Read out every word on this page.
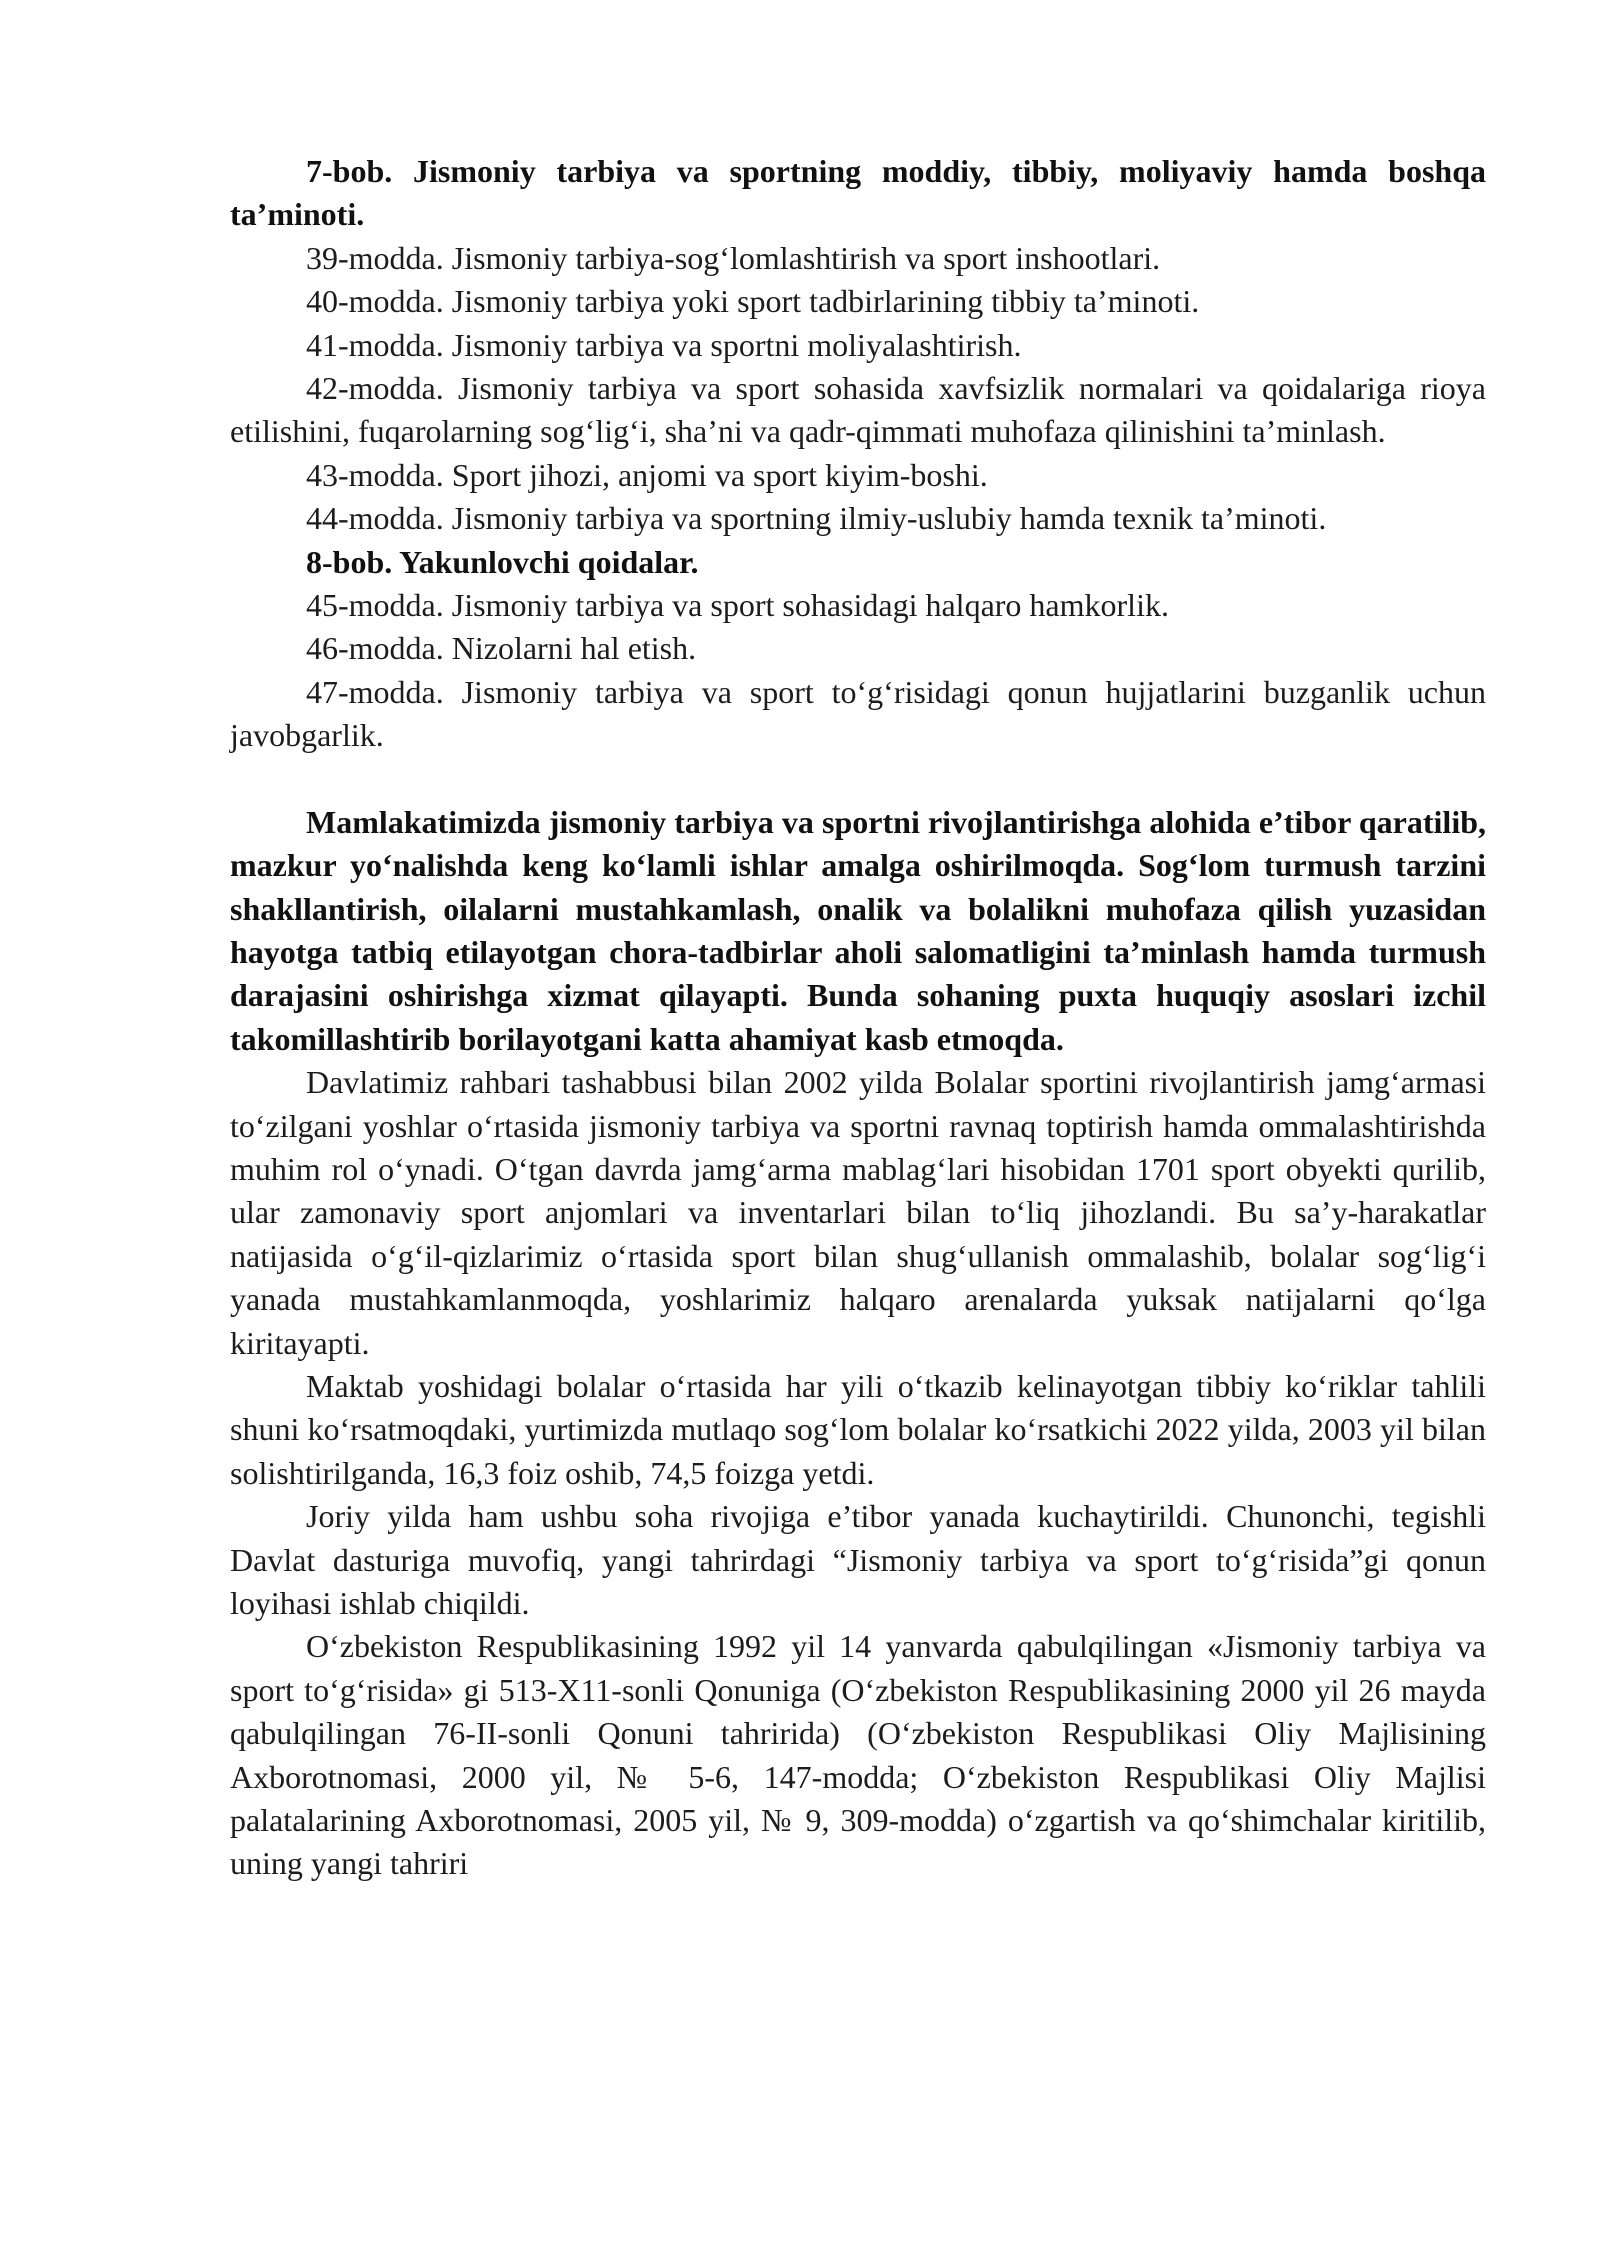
7-bob. Jismoniy tarbiya va sportning moddiy, tibbiy, moliyaviy hamda boshqa ta’minoti.

39-modda. Jismoniy tarbiya-sog‘lomlashtirish va sport inshootlari.

40-modda. Jismoniy tarbiya yoki sport tadbirlarining tibbiy ta’minoti.

41-modda. Jismoniy tarbiya va sportni moliyalashtirish.

42-modda. Jismoniy tarbiya va sport sohasida xavfsizlik normalari va qoidalariga rioya etilishini, fuqarolarning sog‘lig‘i, sha’ni va qadr-qimmati muhofaza qilinishini ta’minlash.

43-modda. Sport jihozi, anjomi va sport kiyim-boshi.

44-modda. Jismoniy tarbiya va sportning ilmiy-uslubiy hamda texnik ta’minoti.

8-bob. Yakunlovchi qoidalar.

45-modda. Jismoniy tarbiya va sport sohasidagi halqaro hamkorlik.

46-modda. Nizolarni hal etish.

47-modda. Jismoniy tarbiya va sport to‘g‘risidagi qonun hujjatlarini buzganlik uchun javobgarlik.

Mamlakatimizda jismoniy tarbiya va sportni rivojlantirishga alohida e’tibor qaratilib, mazkur yo‘nalishda keng ko‘lamli ishlar amalga oshirilmoqda. Sog‘lom turmush tarzini shakllantirish, oilalarni mustahkamlash, onalik va bolalikni muhofaza qilish yuzasidan hayotga tatbiq etilayotgan chora-tadbirlar aholi salomatligini ta’minlash hamda turmush darajasini oshirishga xizmat qilayapti. Bunda sohaning puxta huquqiy asoslari izchil takomillashtirib borilayotgani katta ahamiyat kasb etmoqda.

Davlatimiz rahbari tashabbusi bilan 2002 yilda Bolalar sportini rivojlantirish jamg‘armasi to‘zilgani yoshlar o‘rtasida jismoniy tarbiya va sportni ravnaq toptirish hamda ommalashtirishda muhim rol o‘ynadi. O‘tgan davrda jamg‘arma mablag‘lari hisobidan 1701 sport obyekti qurilib, ular zamonaviy sport anjomlari va inventarlari bilan to‘liq jihozlandi. Bu sa’y-harakatlar natijasida o‘g‘il-qizlarimiz o‘rtasida sport bilan shug‘ullanish ommalashib, bolalar sog‘lig‘i yanada mustahkamlanmoqda, yoshlarimiz halqaro arenalarda yuksak natijalarni qo‘lga kiritayapti.

Maktab yoshidagi bolalar o‘rtasida har yili o‘tkazib kelinayotgan tibbiy ko‘riklar tahlili shuni ko‘rsatmoqdaki, yurtimizda mutlaqo sog‘lom bolalar ko‘rsatkichi 2022 yilda, 2003 yil bilan solishtirilganda, 16,3 foiz oshib, 74,5 foizga yetdi.

Joriy yilda ham ushbu soha rivojiga e’tibor yanada kuchaytirildi. Chunonchi, tegishli Davlat dasturiga muvofiq, yangi tahrirdagi “Jismoniy tarbiya va sport to‘g‘risida”gi qonun loyihasi ishlab chiqildi.

O‘zbekiston Respublikasining 1992 yil 14 yanvarda qabulqilingan «Jismoniy tarbiya va sport to‘g‘risida» gi 513-X11-sonli Qonuniga (O‘zbekiston Respublikasining 2000 yil 26 mayda qabulqilingan 76-II-sonli Qonuni tahririda) (O‘zbekiston Respublikasi Oliy Majlisining Axborotnomasi, 2000 yil, № 5-6, 147-modda; O‘zbekiston Respublikasi Oliy Majlisi palatalarining Axborotnomasi, 2005 yil, № 9, 309-modda) o‘zgartish va qo‘shimchalar kiritilib, uning yangi tahriri
